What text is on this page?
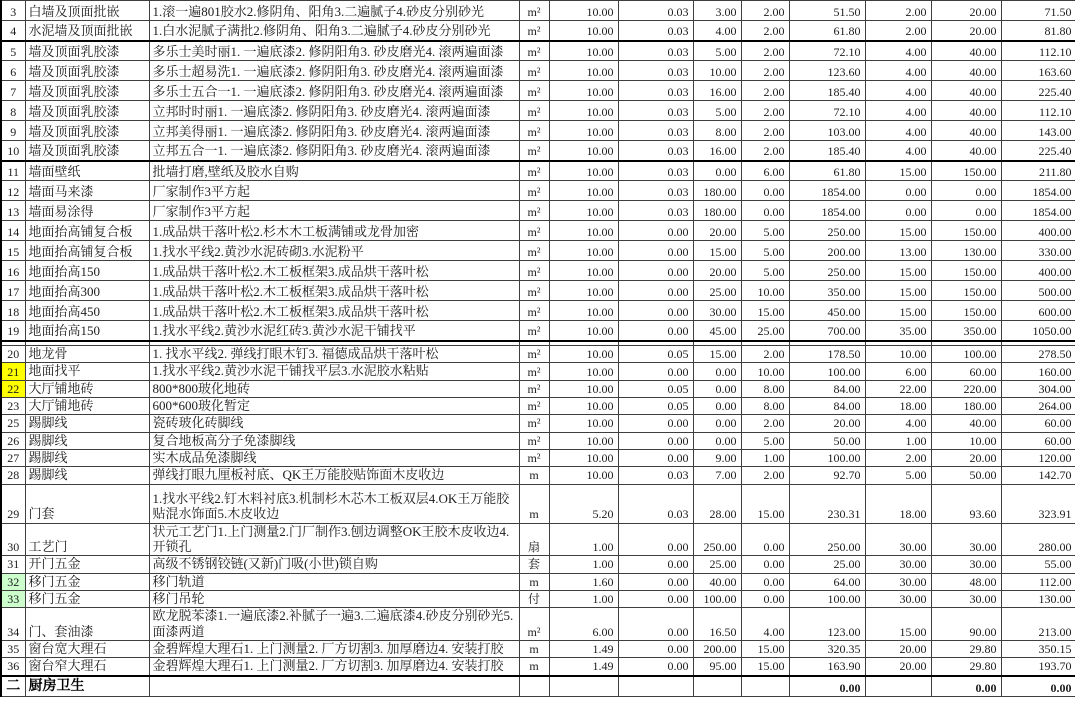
3	白墙及顶面批嵌	1.滚一遍801胶水2.修阴角、阳角3.二遍腻子4.砂皮分别砂光	m²	10.00	0.03	3.00	2.00	51.50	2.00	20.00	71.50
4	水泥墙及顶面批嵌	1.白水泥腻子满批2.修阴角、阳角3.二遍腻子4.砂皮分别砂光	m²	10.00	0.03	4.00	2.00	61.80	2.00	20.00	81.80
5	墙及顶面乳胶漆	多乐士美时丽1. 一遍底漆2. 修阴阳角3. 砂皮磨光4. 滚两遍面漆	m²	10.00	0.03	5.00	2.00	72.10	4.00	40.00	112.10
6	墙及顶面乳胶漆	多乐士超易洗1. 一遍底漆2. 修阴阳角3. 砂皮磨光4. 滚两遍面漆	m²	10.00	0.03	10.00	2.00	123.60	4.00	40.00	163.60
7	墙及顶面乳胶漆	多乐士五合一1. 一遍底漆2. 修阴阳角3. 砂皮磨光4. 滚两遍面漆	m²	10.00	0.03	16.00	2.00	185.40	4.00	40.00	225.40
8	墙及顶面乳胶漆	立邦时时丽1. 一遍底漆2. 修阴阳角3. 砂皮磨光4. 滚两遍面漆	m²	10.00	0.03	5.00	2.00	72.10	4.00	40.00	112.10
9	墙及顶面乳胶漆	立邦美得丽1. 一遍底漆2. 修阴阳角3. 砂皮磨光4. 滚两遍面漆	m²	10.00	0.03	8.00	2.00	103.00	4.00	40.00	143.00
10	墙及顶面乳胶漆	立邦五合一1. 一遍底漆2. 修阴阳角3. 砂皮磨光4. 滚两遍面漆	m²	10.00	0.03	16.00	2.00	185.40	4.00	40.00	225.40
11	墙面壁纸	批墙打磨,壁纸及胶水自购	m²	10.00	0.03	0.00	6.00	61.80	15.00	150.00	211.80
12	墙面马来漆	厂家制作3平方起	m²	10.00	0.03	180.00	0.00	1854.00	0.00	0.00	1854.00
13	墙面易涂得	厂家制作3平方起	m²	10.00	0.03	180.00	0.00	1854.00	0.00	0.00	1854.00
14	地面抬高铺复合板	1.成品烘干落叶松2.杉木木工板满铺或龙骨加密	m²	10.00	0.00	20.00	5.00	250.00	15.00	150.00	400.00
15	地面抬高铺复合板	1.找水平线2.黄沙水泥砖砌3.水泥粉平	m²	10.00	0.00	15.00	5.00	200.00	13.00	130.00	330.00
16	地面抬高150	1.成品烘干落叶松2.木工板框架3.成品烘干落叶松	m²	10.00	0.00	20.00	5.00	250.00	15.00	150.00	400.00
17	地面抬高300	1.成品烘干落叶松2.木工板框架3.成品烘干落叶松	m²	10.00	0.00	25.00	10.00	350.00	15.00	150.00	500.00
18	地面抬高450	1.成品烘干落叶松2.木工板框架3.成品烘干落叶松	m²	10.00	0.00	30.00	15.00	450.00	15.00	150.00	600.00
19	地面抬高150	1.找水平线2.黄沙水泥红砖3.黄沙水泥干铺找平	m²	10.00	0.00	45.00	25.00	700.00	35.00	350.00	1050.00

20	地龙骨	1. 找水平线2. 弹线打眼木钉3. 福德成品烘干落叶松	m²	10.00	0.05	15.00	2.00	178.50	10.00	100.00	278.50
21	地面找平	1.找水平线2.黄沙水泥干铺找平层3.水泥胶水粘贴	m²	10.00	0.00	0.00	10.00	100.00	6.00	60.00	160.00
22	大厅铺地砖	800*800玻化地砖	m²	10.00	0.05	0.00	8.00	84.00	22.00	220.00	304.00
23	大厅铺地砖	600*600玻化暂定	m²	10.00	0.05	0.00	8.00	84.00	18.00	180.00	264.00
25	踢脚线	瓷砖玻化砖脚线	m²	10.00	0.00	0.00	2.00	20.00	4.00	40.00	60.00
26	踢脚线	复合地板高分子免漆脚线	m²	10.00	0.00	0.00	5.00	50.00	1.00	10.00	60.00
27	踢脚线	实木成品免漆脚线	m²	10.00	0.00	9.00	1.00	100.00	2.00	20.00	120.00
28	踢脚线	弹线打眼九厘板衬底、QK王万能胶贴饰面木皮收边	m	10.00	0.03	7.00	2.00	92.70	5.00	50.00	142.70
29	门套	1.找水平线2.钉木料衬底3.机制杉木芯木工板双层4.OK王万能胶贴混水饰面5.木皮收边	m	5.20	0.03	28.00	15.00	230.31	18.00	93.60	323.91
30	工艺门	状元工艺门1.上门测量2.门厂制作3.刨边调整OK王胶木皮收边4.开锁孔	扇	1.00	0.00	250.00	0.00	250.00	30.00	30.00	280.00
31	开门五金	高级不锈钢铰链(又新)门吸(小世)锁自购	套	1.00	0.00	25.00	0.00	25.00	30.00	30.00	55.00
32	移门五金	移门轨道	m	1.60	0.00	40.00	0.00	64.00	30.00	48.00	112.00
33	移门五金	移门吊轮	付	1.00	0.00	100.00	0.00	100.00	30.00	30.00	130.00
34	门、套油漆	欧龙脱苯漆1.一遍底漆2.补腻子一遍3.二遍底漆4.砂皮分别砂光5.面漆两道	m²	6.00	0.00	16.50	4.00	123.00	15.00	90.00	213.00
35	窗台宽大理石	金碧辉煌大理石1. 上门测量2. 厂方切割3. 加厚磨边4. 安装打胶	m	1.49	0.00	200.00	15.00	320.35	20.00	29.80	350.15
36	窗台窄大理石	金碧辉煌大理石1. 上门测量2. 厂方切割3. 加厚磨边4. 安装打胶	m	1.49	0.00	95.00	15.00	163.90	20.00	29.80	193.70
二	厨房卫生							0.00		0.00	0.00
